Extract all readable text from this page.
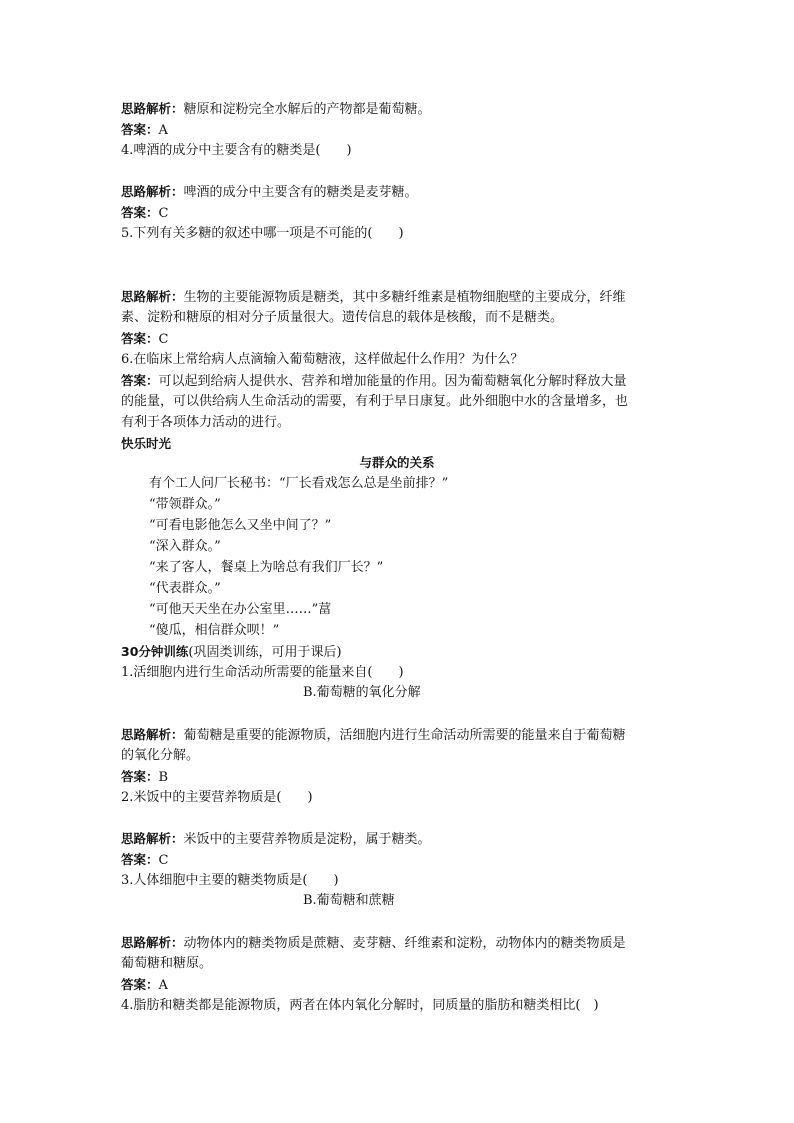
思路解析：糖原和淀粉完全水解后的产物都是葡萄糖。
答案：A
4.啤酒的成分中主要含有的糖类是(　　)
思路解析：啤酒的成分中主要含有的糖类是麦芽糖。
答案：C
5.下列有关多糖的叙述中哪一项是不可能的(　　)
思路解析：生物的主要能源物质是糖类，其中多糖纤维素是植物细胞壁的主要成分，纤维
素、淀粉和糖原的相对分子质量很大。遗传信息的载体是核酸，而不是糖类。
答案：C
6.在临床上常给病人点滴输入葡萄糖液，这样做起什么作用？为什么？
答案：可以起到给病人提供水、营养和增加能量的作用。因为葡萄糖氧化分解时释放大量
的能量，可以供给病人生命活动的需要，有利于早日康复。此外细胞中水的含量增多，也
有利于各项体力活动的进行。
快乐时光
与群众的关系
有个工人问厂长秘书：“厂长看戏怎么总是坐前排？”
“带领群众。”
“可看电影他怎么又坐中间了？”
“深入群众。”
“来了客人，餐桌上为啥总有我们厂长？”
“代表群众。”
“可他天天坐在办公室里……”葍
“傻瓜，相信群众呗！”
30分钟训练(巩固类训练，可用于课后)
1.活细胞内进行生命活动所需要的能量来自(　　)
B.葡萄糖的氧化分解
思路解析：葡萄糖是重要的能源物质，活细胞内进行生命活动所需要的能量来自于葡萄糖
的氧化分解。
答案：B
2.米饭中的主要营养物质是(　　)
思路解析：米饭中的主要营养物质是淀粉，属于糖类。
答案：C
3.人体细胞中主要的糖类物质是(　　)
B.葡萄糖和蔗糖
思路解析：动物体内的糖类物质是蔗糖、麦芽糖、纤维素和淀粉，动物体内的糖类物质是
葡萄糖和糖原。
答案：A
4.脂肪和糖类都是能源物质，两者在体内氧化分解时，同质量的脂肪和糖类相比(　)
